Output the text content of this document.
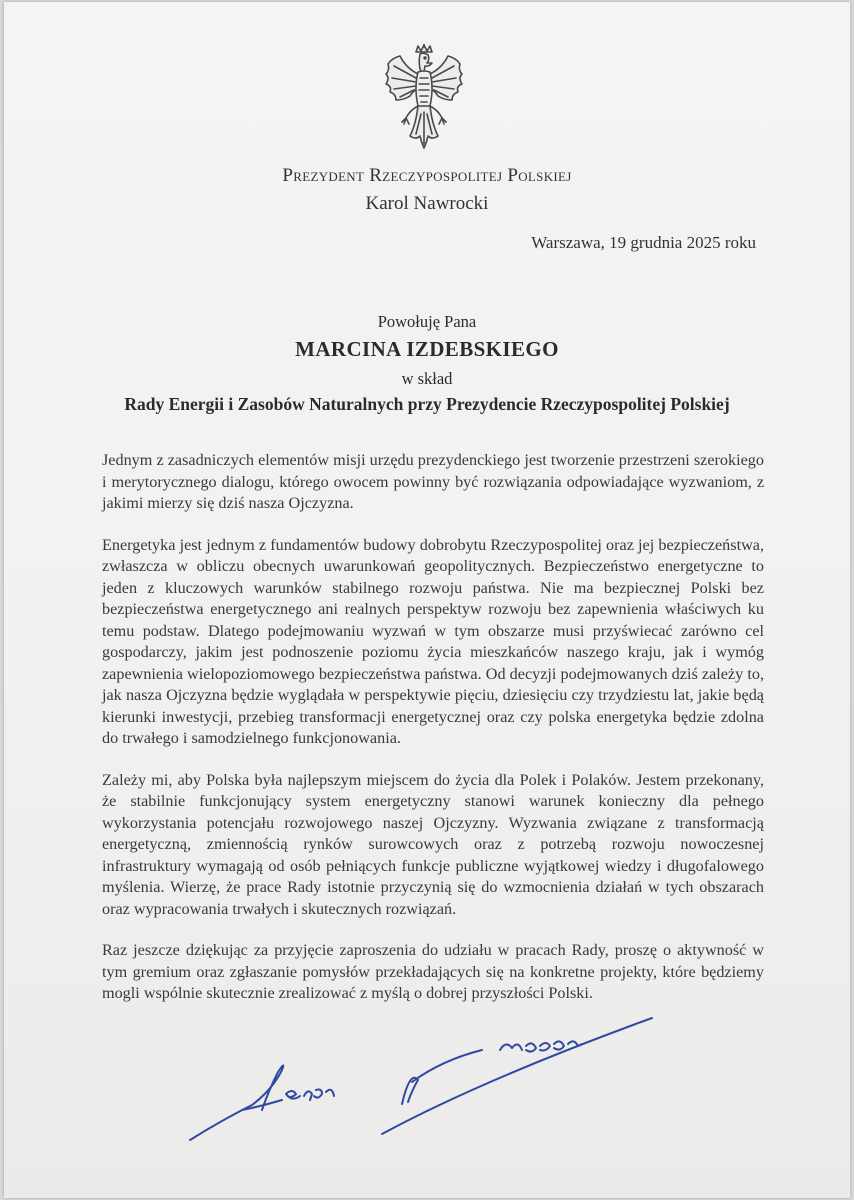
Prezydent Rzeczypospolitej Polskiej
Karol Nawrocki
Warszawa, 19 grudnia 2025 roku
Powołuję Pana
MARCINA IZDEBSKIEGO
w skład
Rady Energii i Zasobów Naturalnych przy Prezydencie Rzeczypospolitej Polskiej

Jednym z zasadniczych elementów misji urzędu prezydenckiego jest tworzenie przestrzeni szerokiego i merytorycznego dialogu, którego owocem powinny być rozwiązania odpowiadające wyzwaniom, z jakimi mierzy się dziś nasza Ojczyzna.

Energetyka jest jednym z fundamentów budowy dobrobytu Rzeczypospolitej oraz jej bezpieczeństwa, zwłaszcza w obliczu obecnych uwarunkowań geopolitycznych. Bezpieczeństwo energetyczne to jeden z kluczowych warunków stabilnego rozwoju państwa. Nie ma bezpiecznej Polski bez bezpieczeństwa energetycznego ani realnych perspektyw rozwoju bez zapewnienia właściwych ku temu podstaw. Dlatego podejmowaniu wyzwań w tym obszarze musi przyświecać zarówno cel gospodarczy, jakim jest podnoszenie poziomu życia mieszkańców naszego kraju, jak i wymóg zapewnienia wielopoziomowego bezpieczeństwa państwa. Od decyzji podejmowanych dziś zależy to, jak nasza Ojczyzna będzie wyglądała w perspektywie pięciu, dziesięciu czy trzydziestu lat, jakie będą kierunki inwestycji, przebieg transformacji energetycznej oraz czy polska energetyka będzie zdolna do trwałego i samodzielnego funkcjonowania.

Zależy mi, aby Polska była najlepszym miejscem do życia dla Polek i Polaków. Jestem przekonany, że stabilnie funkcjonujący system energetyczny stanowi warunek konieczny dla pełnego wykorzystania potencjału rozwojowego naszej Ojczyzny. Wyzwania związane z transformacją energetyczną, zmiennością rynków surowcowych oraz z potrzebą rozwoju nowoczesnej infrastruktury wymagają od osób pełniących funkcje publiczne wyjątkowej wiedzy i długofalowego myślenia. Wierzę, że prace Rady istotnie przyczynią się do wzmocnienia działań w tych obszarach oraz wypracowania trwałych i skutecznych rozwiązań.

Raz jeszcze dziękując za przyjęcie zaproszenia do udziału w pracach Rady, proszę o aktywność w tym gremium oraz zgłaszanie pomysłów przekładających się na konkretne projekty, które będziemy mogli wspólnie skutecznie zrealizować z myślą o dobrej przyszłości Polski.
